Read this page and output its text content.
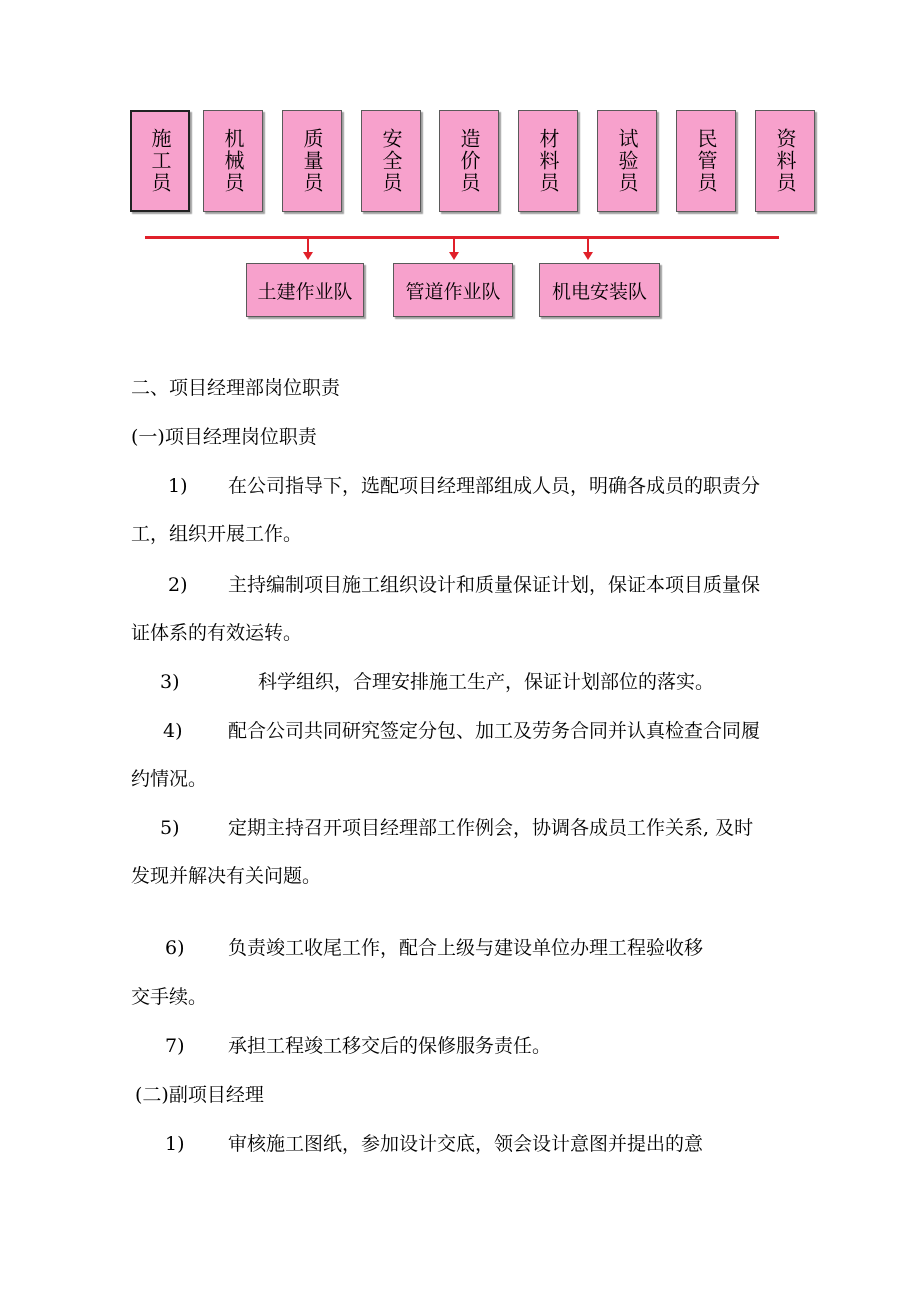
施工员 机械员	质量员	安全员	造价员	材料员	试验员	民管员	资料员
土建作业队	管道作业队	机电安装队
二、项目经理部岗位职责
(一)项目经理岗位职责
1) 在公司指导下，选配项目经理部组成人员，明确各成员的职责分
工，组织开展工作。
2) 主持编制项目施工组织设计和质量保证计划，保证本项目质量保
证体系的有效运转。
3)	科学组织，合理安排施工生产，保证计划部位的落实。
4) 配合公司共同研究签定分包、加工及劳务合同并认真检查合同履
约情况。
5)	定期主持召开项目经理部工作例会，协调各成员工作关系, 及时
发现并解决有关问题。
6) 负责竣工收尾工作，配合上级与建设单位办理工程验收移
交手续。
7) 承担工程竣工移交后的保修服务责任。
(二)副项目经理
1) 审核施工图纸，参加设计交底，领会设计意图并提出的意
